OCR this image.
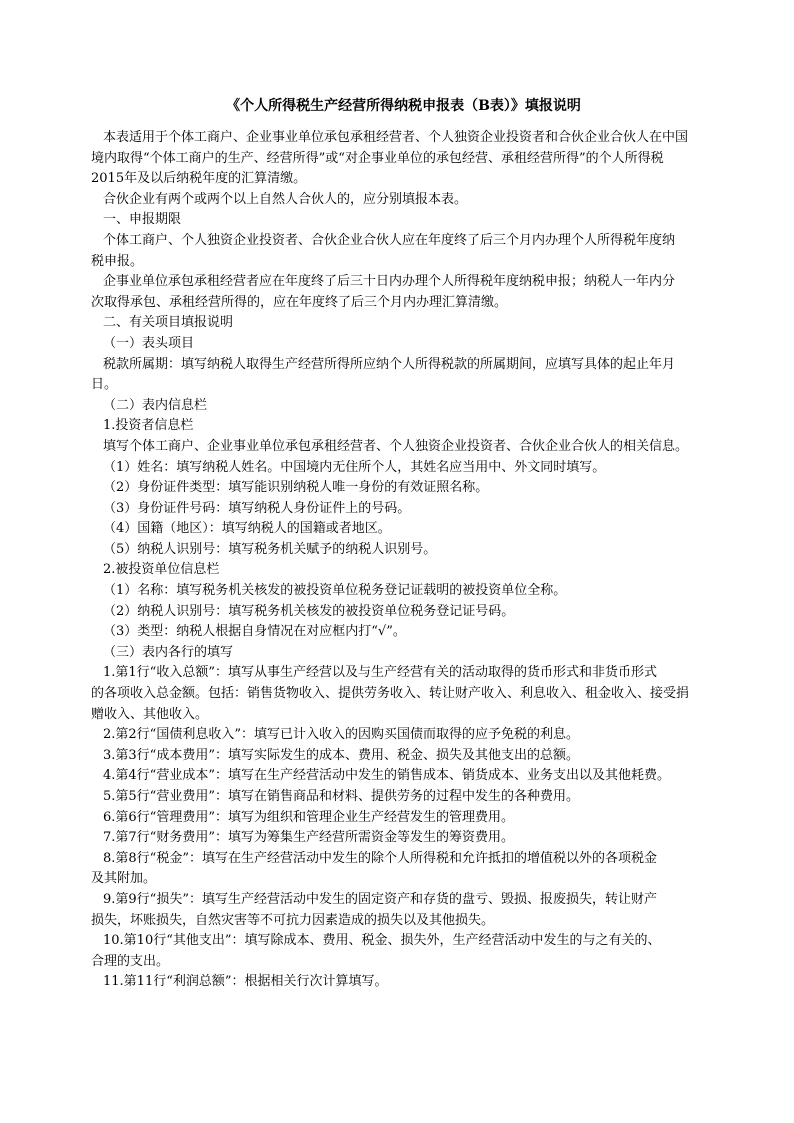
《个人所得税生产经营所得纳税申报表（B表）》填报说明
本表适用于个体工商户、企业事业单位承包承租经营者、个人独资企业投资者和合伙企业合伙人在中国
境内取得“个体工商户的生产、经营所得”或“对企事业单位的承包经营、承租经营所得”的个人所得税
2015年及以后纳税年度的汇算清缴。
合伙企业有两个或两个以上自然人合伙人的，应分别填报本表。
一、申报期限
个体工商户、个人独资企业投资者、合伙企业合伙人应在年度终了后三个月内办理个人所得税年度纳
税申报。
企事业单位承包承租经营者应在年度终了后三十日内办理个人所得税年度纳税申报；纳税人一年内分
次取得承包、承租经营所得的，应在年度终了后三个月内办理汇算清缴。
二、有关项目填报说明
（一）表头项目
税款所属期：填写纳税人取得生产经营所得所应纳个人所得税款的所属期间，应填写具体的起止年月
日。
（二）表内信息栏
1.投资者信息栏
填写个体工商户、企业事业单位承包承租经营者、个人独资企业投资者、合伙企业合伙人的相关信息。
（1）姓名：填写纳税人姓名。中国境内无住所个人，其姓名应当用中、外文同时填写。
（2）身份证件类型：填写能识别纳税人唯一身份的有效证照名称。
（3）身份证件号码：填写纳税人身份证件上的号码。
（4）国籍（地区）：填写纳税人的国籍或者地区。
（5）纳税人识别号：填写税务机关赋予的纳税人识别号。
2.被投资单位信息栏
（1）名称：填写税务机关核发的被投资单位税务登记证载明的被投资单位全称。
（2）纳税人识别号：填写税务机关核发的被投资单位税务登记证号码。
（3）类型：纳税人根据自身情况在对应框内打“√”。
（三）表内各行的填写
1.第1行“收入总额”：填写从事生产经营以及与生产经营有关的活动取得的货币形式和非货币形式
的各项收入总金额。包括：销售货物收入、提供劳务收入、转让财产收入、利息收入、租金收入、接受捐
赠收入、其他收入。
2.第2行“国债利息收入”：填写已计入收入的因购买国债而取得的应予免税的利息。
3.第3行“成本费用”：填写实际发生的成本、费用、税金、损失及其他支出的总额。
4.第4行“营业成本”：填写在生产经营活动中发生的销售成本、销货成本、业务支出以及其他耗费。
5.第5行“营业费用”：填写在销售商品和材料、提供劳务的过程中发生的各种费用。
6.第6行“管理费用”：填写为组织和管理企业生产经营发生的管理费用。
7.第7行“财务费用”：填写为筹集生产经营所需资金等发生的筹资费用。
8.第8行“税金”：填写在生产经营活动中发生的除个人所得税和允许抵扣的增值税以外的各项税金
及其附加。
9.第9行“损失”：填写生产经营活动中发生的固定资产和存货的盘亏、毁损、报废损失，转让财产
损失，坏账损失，自然灾害等不可抗力因素造成的损失以及其他损失。
10.第10行“其他支出”：填写除成本、费用、税金、损失外，生产经营活动中发生的与之有关的、
合理的支出。
11.第11行“利润总额”：根据相关行次计算填写。
